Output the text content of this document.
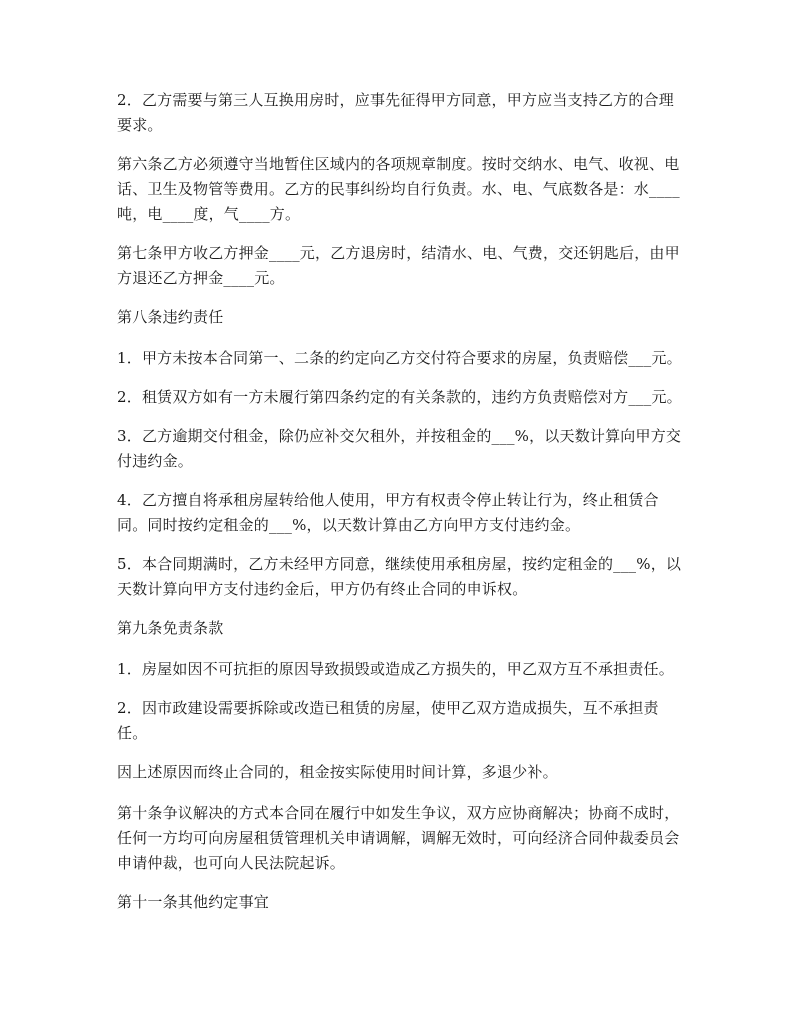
2．乙方需要与第三人互换用房时，应事先征得甲方同意，甲方应当支持乙方的合理要求。

第六条乙方必须遵守当地暂住区域内的各项规章制度。按时交纳水、电气、收视、电话、卫生及物管等费用。乙方的民事纠纷均自行负责。水、电、气底数各是：水____吨，电____度，气____方。

第七条甲方收乙方押金____元，乙方退房时，结清水、电、气费，交还钥匙后，由甲方退还乙方押金____元。

第八条违约责任

1．甲方未按本合同第一、二条的约定向乙方交付符合要求的房屋，负责赔偿___元。

2．租赁双方如有一方未履行第四条约定的有关条款的，违约方负责赔偿对方___元。

3．乙方逾期交付租金，除仍应补交欠租外，并按租金的___%，以天数计算向甲方交付违约金。

4．乙方擅自将承租房屋转给他人使用，甲方有权责令停止转让行为，终止租赁合同。同时按约定租金的___%，以天数计算由乙方向甲方支付违约金。

5．本合同期满时，乙方未经甲方同意，继续使用承租房屋，按约定租金的___%，以天数计算向甲方支付违约金后，甲方仍有终止合同的申诉权。

第九条免责条款

1．房屋如因不可抗拒的原因导致损毁或造成乙方损失的，甲乙双方互不承担责任。

2．因市政建设需要拆除或改造已租赁的房屋，使甲乙双方造成损失，互不承担责任。

因上述原因而终止合同的，租金按实际使用时间计算，多退少补。

第十条争议解决的方式本合同在履行中如发生争议，双方应协商解决；协商不成时，任何一方均可向房屋租赁管理机关申请调解，调解无效时，可向经济合同仲裁委员会申请仲裁，也可向人民法院起诉。

第十一条其他约定事宜
